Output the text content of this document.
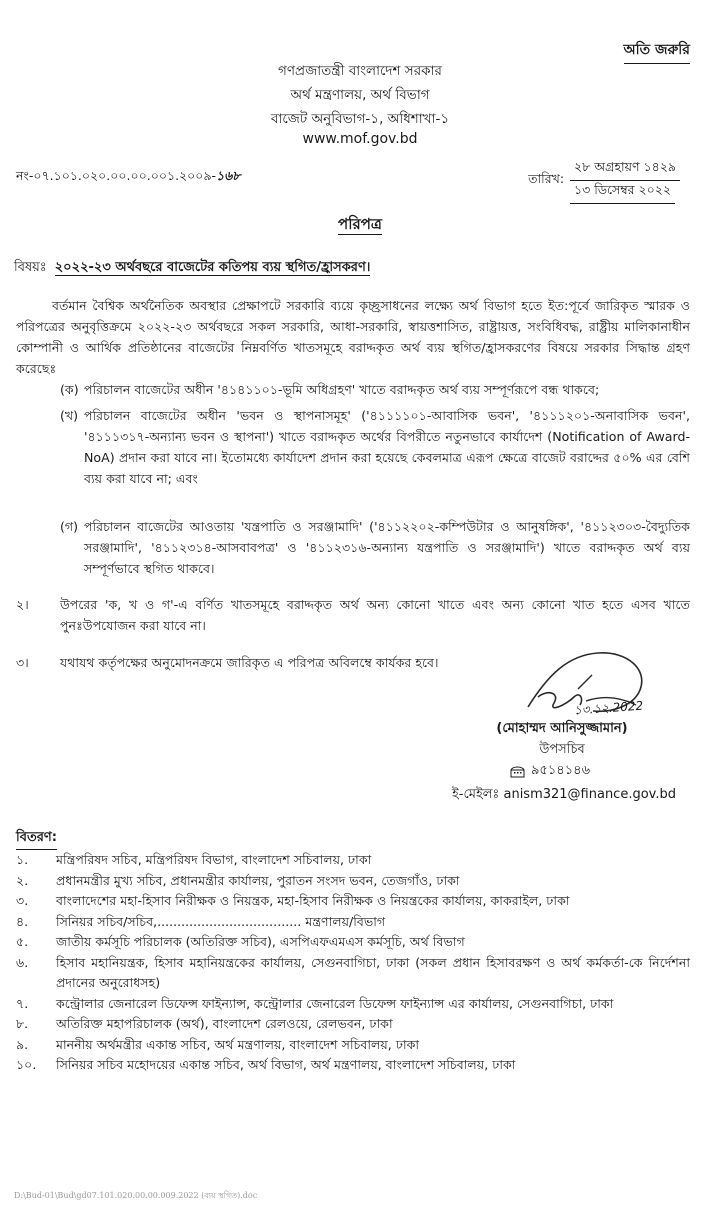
অতি জরুরি
গণপ্রজাতন্ত্রী বাংলাদেশ সরকার
অর্থ মন্ত্রণালয়, অর্থ বিভাগ
বাজেট অনুবিভাগ-১, অধিশাখা-১
www.mof.gov.bd
নং-০৭.১০১.০২০.০০.০০.০০১.২০০৯-১৬৮	তারিখ:
২৮ অগ্রহায়ণ ১৪২৯
১৩ ডিসেম্বর ২০২২
পরিপত্র
বিষয়ঃ ২০২২-২৩ অর্থবছরে বাজেটের কতিপয় ব্যয় স্থগিত/হ্রাসকরণ।
বর্তমান বৈশ্বিক অর্থনৈতিক অবস্থার প্রেক্ষাপটে সরকারি ব্যয়ে কৃচ্ছ্রসাধনের লক্ষ্যে অর্থ বিভাগ হতে ইত:পূর্বে জারিকৃত স্মারক ও পরিপত্রের অনুবৃত্তিক্রমে ২০২২-২৩ অর্থবছরে সকল সরকারি, আধা-সরকারি, স্বায়ত্তশাসিত, রাষ্ট্রায়ত্ত, সংবিধিবদ্ধ, রাষ্ট্রীয় মালিকানাধীন কোম্পানী ও আর্থিক প্রতিষ্ঠানের বাজেটের নিম্নবর্ণিত খাতসমূহে বরাদ্দকৃত অর্থ ব্যয় স্থগিত/হ্রাসকরণের বিষয়ে সরকার সিদ্ধান্ত গ্রহণ করেছেঃ
(ক) পরিচালন বাজেটের অধীন '৪১৪১১০১-ভূমি অধিগ্রহণ' খাতে বরাদ্দকৃত অর্থ ব্যয় সম্পূর্ণরূপে বন্ধ থাকবে;
(খ) পরিচালন বাজেটের অধীন 'ভবন ও স্থাপনাসমূহ' ('৪১১১১০১-আবাসিক ভবন', '৪১১১২০১-অনাবাসিক ভবন', '৪১১১৩১৭-অন্যান্য ভবন ও স্থাপনা') খাতে বরাদ্দকৃত অর্থের বিপরীতে নতুনভাবে কার্যাদেশ (Notification of Award-NoA) প্রদান করা যাবে না। ইতোমধ্যে কার্যাদেশ প্রদান করা হয়েছে কেবলমাত্র এরূপ ক্ষেত্রে বাজেট বরাদ্দের ৫০% এর বেশি ব্যয় করা যাবে না; এবং
(গ) পরিচালন বাজেটের আওতায় 'যন্ত্রপাতি ও সরঞ্জামাদি' ('৪১১২২০২-কম্পিউটার ও আনুষঙ্গিক', '৪১১২৩০৩-বৈদ্যুতিক সরঞ্জামাদি', '৪১১২৩১৪-আসবাবপত্র' ও '৪১১২৩১৬-অন্যান্য যন্ত্রপাতি ও সরঞ্জামাদি') খাতে বরাদ্দকৃত অর্থ ব্যয় সম্পূর্ণভাবে স্থগিত থাকবে।
২।	উপরের 'ক, খ ও গ'-এ বর্ণিত খাতসমূহে বরাদ্দকৃত অর্থ অন্য কোনো খাতে এবং অন্য কোনো খাত হতে এসব খাতে পুনঃউপযোজন করা যাবে না।
৩।	যথাযথ কর্তৃপক্ষের অনুমোদনক্রমে জারিকৃত এ পরিপত্র অবিলম্বে কার্যকর হবে।
১৩.১২.2022
(মোহাম্মদ আনিসুজ্জামান)
উপসচিব
৯৫১৪১৪৬
ই-মেইলঃ anism321@finance.gov.bd
বিতরণ:
১.	মন্ত্রিপরিষদ সচিব, মন্ত্রিপরিষদ বিভাগ, বাংলাদেশ সচিবালয়, ঢাকা
২.	প্রধানমন্ত্রীর মুখ্য সচিব, প্রধানমন্ত্রীর কার্যালয়, পুরাতন সংসদ ভবন, তেজগাঁও, ঢাকা
৩.	বাংলাদেশের মহা-হিসাব নিরীক্ষক ও নিয়ন্ত্রক, মহা-হিসাব নিরীক্ষক ও নিয়ন্ত্রকের কার্যালয়, কাকরাইল, ঢাকা
৪.	সিনিয়র সচিব/সচিব,.................................... মন্ত্রণালয়/বিভাগ
৫.	জাতীয় কর্মসূচি পরিচালক (অতিরিক্ত সচিব), এসপিএফএমএস কর্মসূচি, অর্থ বিভাগ
৬.	হিসাব মহানিয়ন্ত্রক, হিসাব মহানিয়ন্ত্রকের কার্যালয়, সেগুনবাগিচা, ঢাকা (সকল প্রধান হিসাবরক্ষণ ও অর্থ কর্মকর্তা-কে নির্দেশনা প্রদানের অনুরোধসহ)
৭.	কন্ট্রোলার জেনারেল ডিফেন্স ফাইন্যান্স, কন্ট্রোলার জেনারেল ডিফেন্স ফাইন্যান্স এর কার্যালয়, সেগুনবাগিচা, ঢাকা
৮.	অতিরিক্ত মহাপরিচালক (অর্থ), বাংলাদেশ রেলওয়ে, রেলভবন, ঢাকা
৯.	মাননীয় অর্থমন্ত্রীর একান্ত সচিব, অর্থ মন্ত্রণালয়, বাংলাদেশ সচিবালয়, ঢাকা
১০.	সিনিয়র সচিব মহোদয়ের একান্ত সচিব, অর্থ বিভাগ, অর্থ মন্ত্রণালয়, বাংলাদেশ সচিবালয়, ঢাকা
D:\Bud-01\Bud\gd07.101.020.00.00.009.2022 (ব্যয় স্থগিত).doc
